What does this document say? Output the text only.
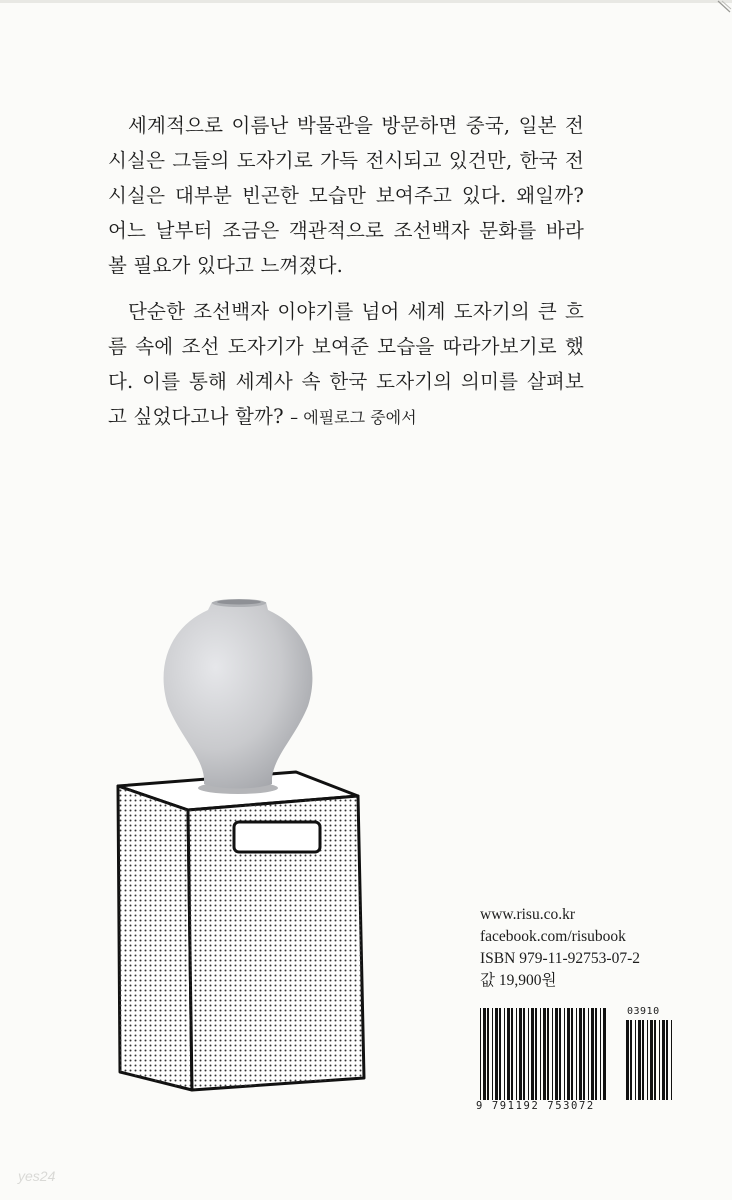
세계적으로 이름난 박물관을 방문하면 중국, 일본 전시실은 그들의 도자기로 가득 전시되고 있건만, 한국 전시실은 대부분 빈곤한 모습만 보여주고 있다. 왜일까? 어느 날부터 조금은 객관적으로 조선백자 문화를 바라볼 필요가 있다고 느껴졌다.

단순한 조선백자 이야기를 넘어 세계 도자기의 큰 흐름 속에 조선 도자기가 보여준 모습을 따라가보기로 했다. 이를 통해 세계사 속 한국 도자기의 의미를 살펴보고 싶었다고나 할까? – 에필로그 중에서

www.risu.co.kr
facebook.com/risubook
ISBN 979-11-92753-07-2
값 19,900원
03910
9 791192 753072
yes24
